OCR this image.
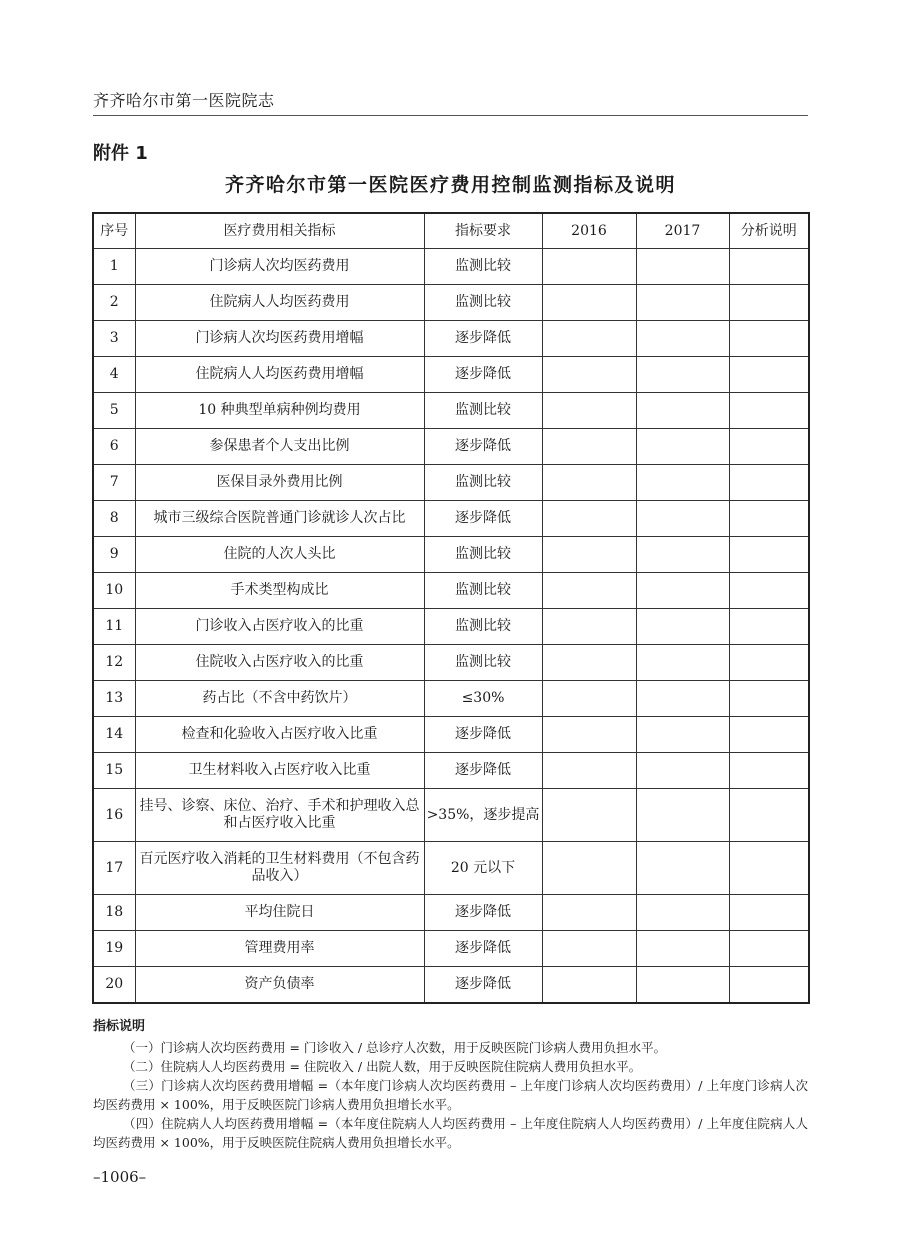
齐齐哈尔市第一医院院志
附件 1
齐齐哈尔市第一医院医疗费用控制监测指标及说明
序号	医疗费用相关指标	指标要求	2016	2017	分析说明
1	门诊病人次均医药费用	监测比较			
2	住院病人人均医药费用	监测比较			
3	门诊病人次均医药费用增幅	逐步降低			
4	住院病人人均医药费用增幅	逐步降低			
5	10 种典型单病种例均费用	监测比较			
6	参保患者个人支出比例	逐步降低			
7	医保目录外费用比例	监测比较			
8	城市三级综合医院普通门诊就诊人次占比	逐步降低			
9	住院的人次人头比	监测比较			
10	手术类型构成比	监测比较			
11	门诊收入占医疗收入的比重	监测比较			
12	住院收入占医疗收入的比重	监测比较			
13	药占比（不含中药饮片）	≤30%			
14	检查和化验收入占医疗收入比重	逐步降低			
15	卫生材料收入占医疗收入比重	逐步降低			
16	挂号、诊察、床位、治疗、手术和护理收入总和占医疗收入比重	>35%，逐步提高			
17	百元医疗收入消耗的卫生材料费用（不包含药品收入）	20 元以下			
18	平均住院日	逐步降低			
19	管理费用率	逐步降低			
20	资产负债率	逐步降低			
指标说明
（一）门诊病人次均医药费用 = 门诊收入 / 总诊疗人次数，用于反映医院门诊病人费用负担水平。
（二）住院病人人均医药费用 = 住院收入 / 出院人数，用于反映医院住院病人费用负担水平。
（三）门诊病人次均医药费用增幅 =（本年度门诊病人次均医药费用 – 上年度门诊病人次均医药费用）/ 上年度门诊病人次均医药费用 × 100%，用于反映医院门诊病人费用负担增长水平。
（四）住院病人人均医药费用增幅 =（本年度住院病人人均医药费用 – 上年度住院病人人均医药费用）/ 上年度住院病人人均医药费用 × 100%，用于反映医院住院病人费用负担增长水平。
–1006–
